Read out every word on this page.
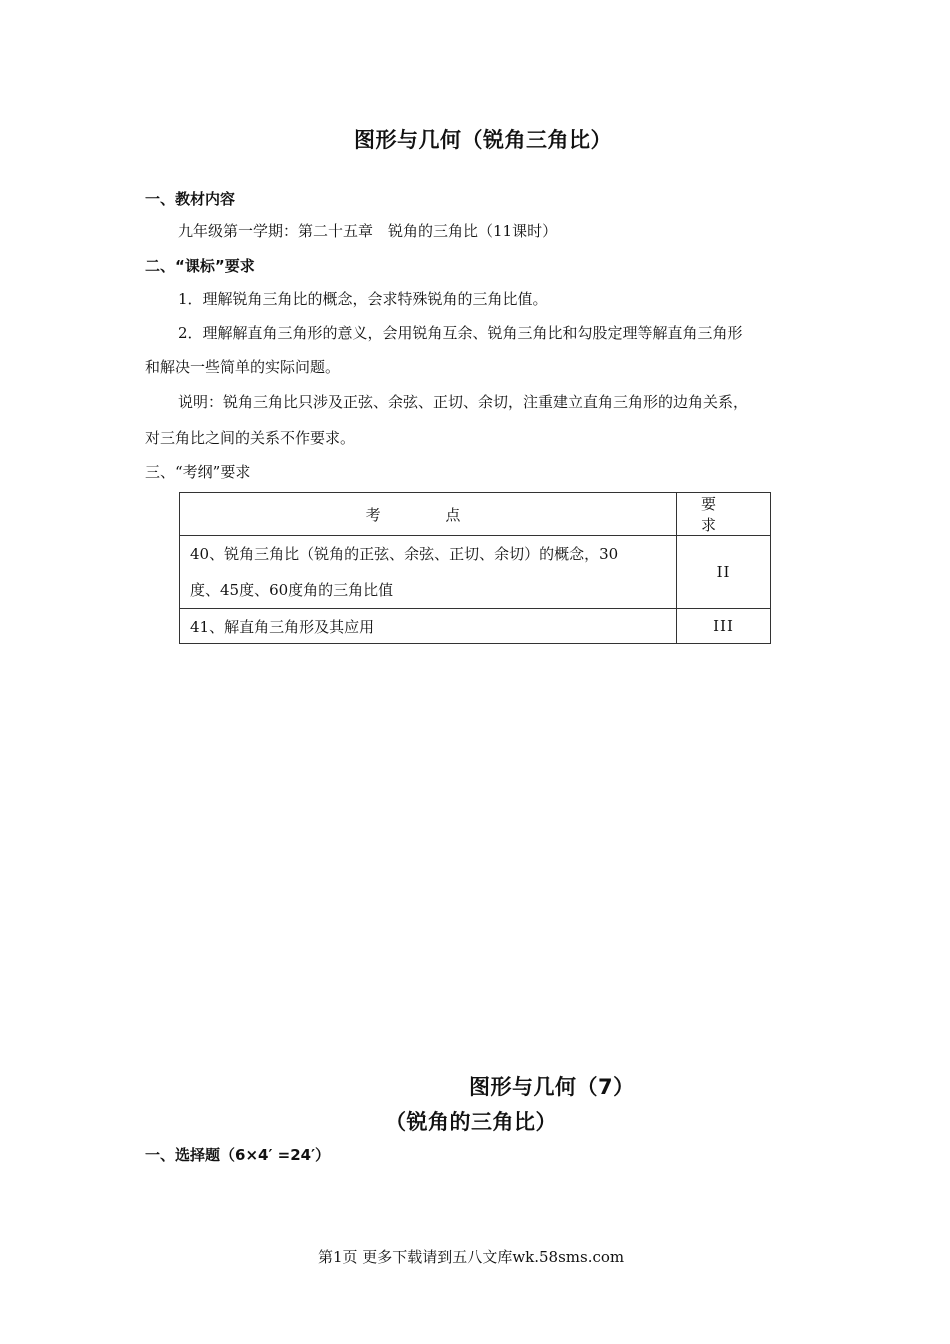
图形与几何（锐角三角比）
一、教材内容
九年级第一学期：第二十五章　锐角的三角比（11课时）
二、“课标”要求
1．理解锐角三角比的概念，会求特殊锐角的三角比值。
2．理解解直角三角形的意义，会用锐角互余、锐角三角比和勾股定理等解直角三角形
和解决一些简单的实际问题。
说明：锐角三角比只涉及正弦、余弦、正切、余切，注重建立直角三角形的边角关系，
对三角比之间的关系不作要求。
三、“考纲”要求
考 点	要 求

40、锐角三角比（锐角的正弦、余弦、正切、余切）的概念，30
度、45度、60度角的三角比值	II
41、解直角三角形及其应用	III
图形与几何（7）
（锐角的三角比）
一、选择题（6×4′ =24′）
第1页 更多下载请到五八文库wk.58sms.com
